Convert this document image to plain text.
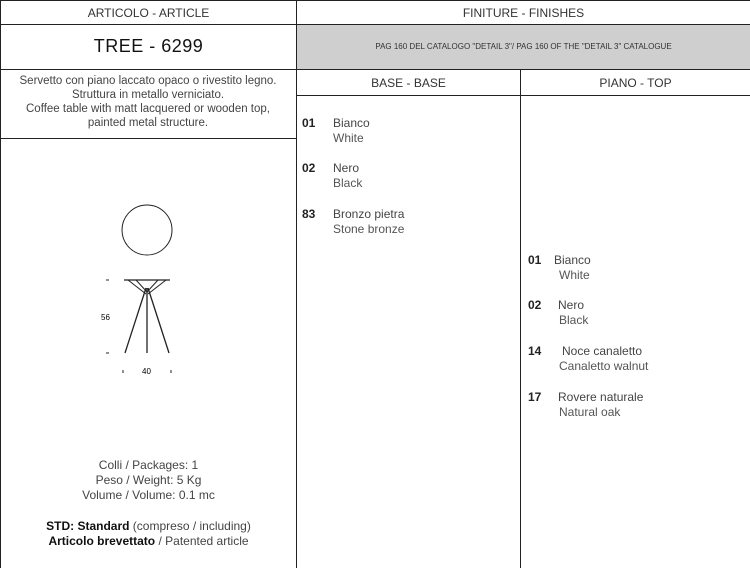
ARTICOLO - ARTICLE	FINITURE - FINISHES
TREE - 6299	PAG 160 DEL CATALOGO "DETAIL 3"/ PAG 160 OF THE "DETAIL 3" CATALOGUE
Servetto con piano laccato opaco o rivestito legno.
Struttura in metallo verniciato.
Coffee table with matt lacquered or wooden top,
painted metal structure.
BASE - BASE	PIANO - TOP
01 Bianco
White
02 Nero
Black
83 Bronzo pietra
Stone bronze
01 Bianco
White
02 Nero
Black
14 Noce canaletto
Canaletto walnut
17 Rovere naturale
Natural oak
56
40
Colli / Packages: 1
Peso / Weight: 5 Kg
Volume / Volume: 0.1 mc
STD: Standard (compreso / including)
Articolo brevettato / Patented article
